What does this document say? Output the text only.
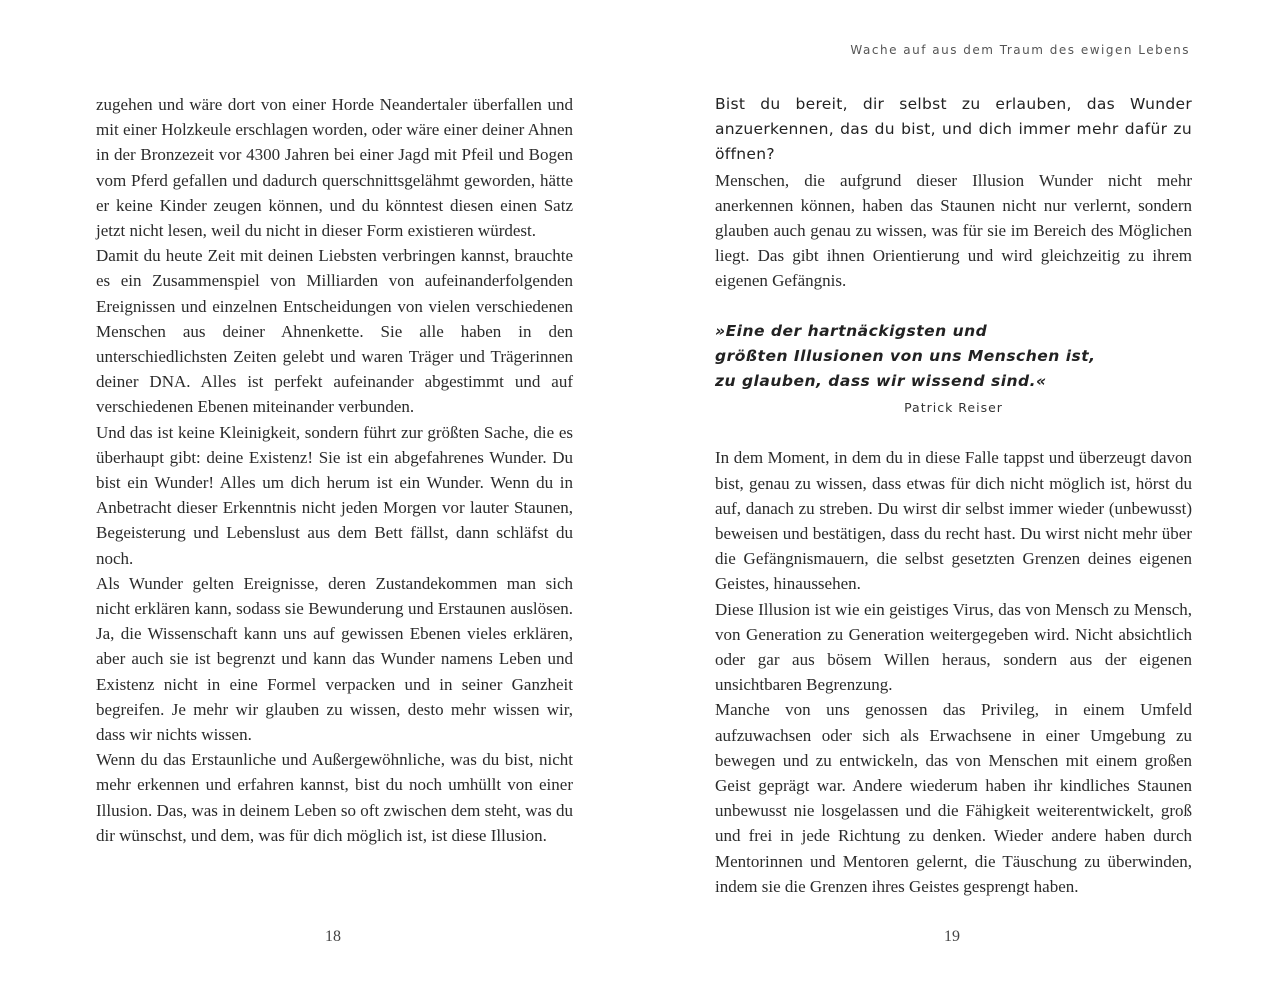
zugehen und wäre dort von einer Horde Neandertaler überfallen und mit einer Holzkeule erschlagen worden, oder wäre einer deiner Ahnen in der Bronzezeit vor 4300 Jahren bei einer Jagd mit Pfeil und Bogen vom Pferd gefallen und dadurch querschnittsgelähmt geworden, hätte er keine Kinder zeugen können, und du könntest diesen einen Satz jetzt nicht lesen, weil du nicht in dieser Form existieren würdest.

Damit du heute Zeit mit deinen Liebsten verbringen kannst, brauchte es ein Zusammenspiel von Milliarden von aufeinanderfolgenden Ereignissen und einzelnen Entscheidungen von vielen verschiedenen Menschen aus deiner Ahnenkette. Sie alle haben in den unterschiedlichsten Zeiten gelebt und waren Träger und Trägerinnen deiner DNA. Alles ist perfekt aufeinander abgestimmt und auf verschiedenen Ebenen miteinander verbunden.

Und das ist keine Kleinigkeit, sondern führt zur größten Sache, die es überhaupt gibt: deine Existenz! Sie ist ein abgefahrenes Wunder. Du bist ein Wunder! Alles um dich herum ist ein Wunder. Wenn du in Anbetracht dieser Erkenntnis nicht jeden Morgen vor lauter Staunen, Begeisterung und Lebenslust aus dem Bett fällst, dann schläfst du noch.

Als Wunder gelten Ereignisse, deren Zustandekommen man sich nicht erklären kann, sodass sie Bewunderung und Erstaunen auslösen. Ja, die Wissenschaft kann uns auf gewissen Ebenen vieles erklären, aber auch sie ist begrenzt und kann das Wunder namens Leben und Existenz nicht in eine Formel verpacken und in seiner Ganzheit begreifen. Je mehr wir glauben zu wissen, desto mehr wissen wir, dass wir nichts wissen.

Wenn du das Erstaunliche und Außergewöhnliche, was du bist, nicht mehr erkennen und erfahren kannst, bist du noch umhüllt von einer Illusion. Das, was in deinem Leben so oft zwischen dem steht, was du dir wünschst, und dem, was für dich möglich ist, ist diese Illusion.

18
Wache auf aus dem Traum des ewigen Lebens

Bist du bereit, dir selbst zu erlauben, das Wunder anzuerkennen, das du bist, und dich immer mehr dafür zu öffnen?

Menschen, die aufgrund dieser Illusion Wunder nicht mehr anerkennen können, haben das Staunen nicht nur verlernt, sondern glauben auch genau zu wissen, was für sie im Bereich des Möglichen liegt. Das gibt ihnen Orientierung und wird gleichzeitig zu ihrem eigenen Gefängnis.

»Eine der hartnäckigsten und
größten Illusionen von uns Menschen ist,
zu glauben, dass wir wissend sind.«

Patrick Reiser

In dem Moment, in dem du in diese Falle tappst und überzeugt davon bist, genau zu wissen, dass etwas für dich nicht möglich ist, hörst du auf, danach zu streben. Du wirst dir selbst immer wieder (unbewusst) beweisen und bestätigen, dass du recht hast. Du wirst nicht mehr über die Gefängnismauern, die selbst gesetzten Grenzen deines eigenen Geistes, hinaussehen.

Diese Illusion ist wie ein geistiges Virus, das von Mensch zu Mensch, von Generation zu Generation weitergegeben wird. Nicht absichtlich oder gar aus bösem Willen heraus, sondern aus der eigenen unsichtbaren Begrenzung.

Manche von uns genossen das Privileg, in einem Umfeld aufzuwachsen oder sich als Erwachsene in einer Umgebung zu bewegen und zu entwickeln, das von Menschen mit einem großen Geist geprägt war. Andere wiederum haben ihr kindliches Staunen unbewusst nie losgelassen und die Fähigkeit weiterentwickelt, groß und frei in jede Richtung zu denken. Wieder andere haben durch Mentorinnen und Mentoren gelernt, die Täuschung zu überwinden, indem sie die Grenzen ihres Geistes gesprengt haben.

19
